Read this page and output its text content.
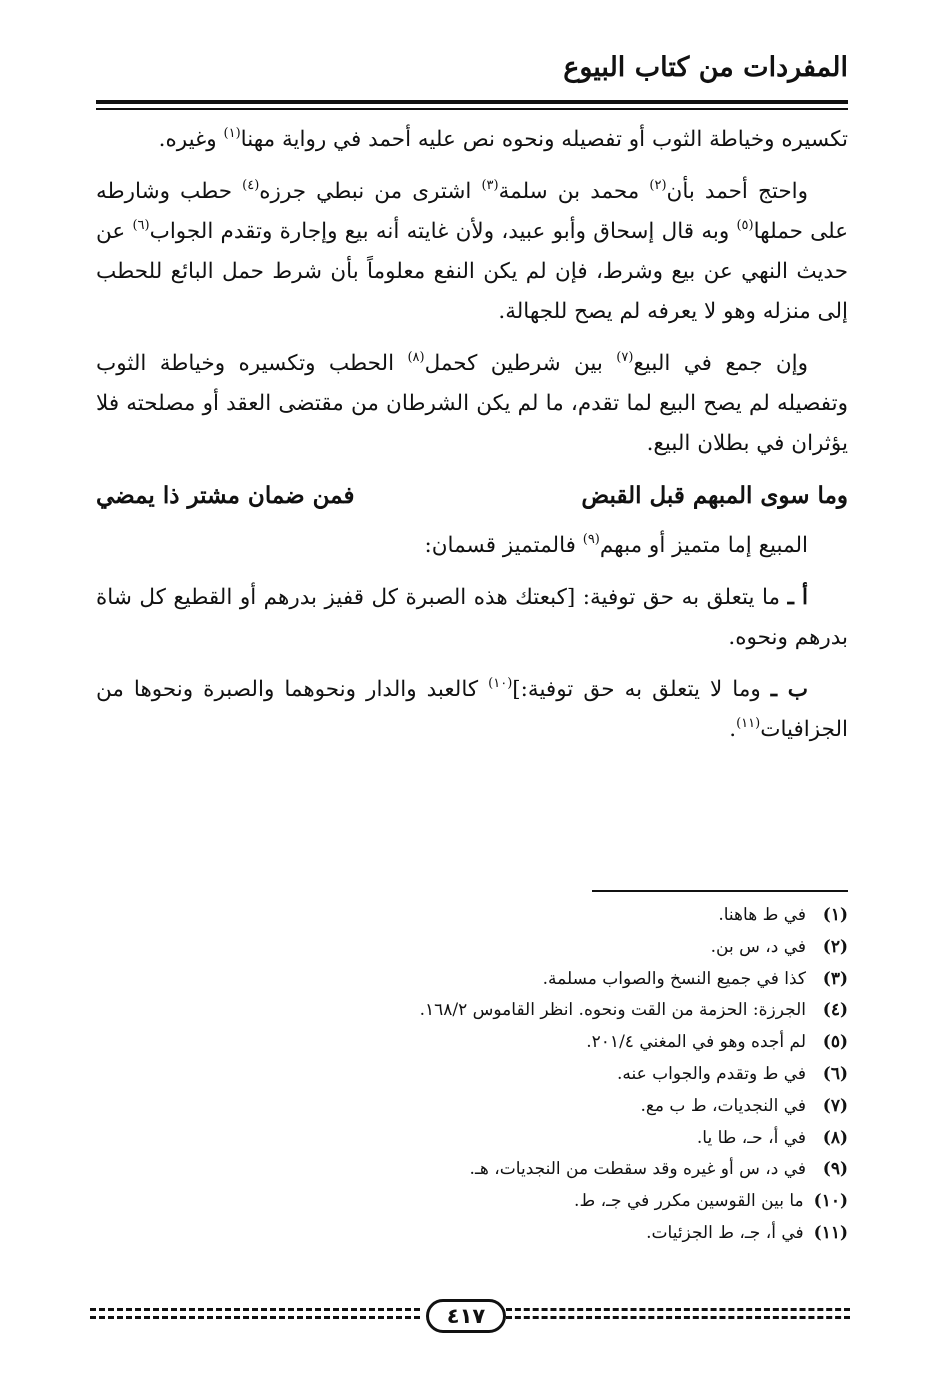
المفردات من كتاب البيوع

تكسيره وخياطة الثوب أو تفصيله ونحوه نص عليه أحمد في رواية مهنا$^{(١)}$ وغيره.

واحتج أحمد بأن$^{(٢)}$ محمد بن سلمة$^{(٣)}$ اشترى من نبطي جرزه$^{(٤)}$ حطب وشارطه على حملها$^{(٥)}$ وبه قال إسحاق وأبو عبيد، ولأن غايته أنه بيع وإجارة وتقدم الجواب$^{(٦)}$ عن حديث النهي عن بيع وشرط، فإن لم يكن النفع معلوماً بأن شرط حمل البائع للحطب إلى منزله وهو لا يعرفه لم يصح للجهالة.

وإن جمع في البيع$^{(٧)}$ بين شرطين كحمل$^{(٨)}$ الحطب وتكسيره وخياطة الثوب وتفصيله لم يصح البيع لما تقدم، ما لم يكن الشرطان من مقتضى العقد أو مصلحته فلا يؤثران في بطلان البيع.

وما سوى المبهم قبل القبض
فمن ضمان مشتر ذا يمضي

المبيع إما متميز أو مبهم$^{(٩)}$ فالمتميز قسمان:

أ ـ ما يتعلق به حق توفية: [كبعتك هذه الصبرة كل قفيز بدرهم أو القطيع كل شاة بدرهم ونحوه.

ب ـ وما لا يتعلق به حق توفية:]$^{(١٠)}$ كالعبد والدار ونحوهما والصبرة ونحوها من الجزافيات$^{(١١)}$.

(١)
في ط هاهنا.
(٢)
في د، س بن.
(٣)
كذا في جميع النسخ والصواب مسلمة.
(٤)
الجرزة: الحزمة من القت ونحوه. انظر القاموس ١٦٨/٢.
(٥)
لم أجده وهو في المغني ٢٠١/٤.
(٦)
في ط وتقدم والجواب عنه.
(٧)
في النجديات، ط ب مع.
(٨)
في أ، حـ، طا يا.
(٩)
في د، س أو غيره وقد سقطت من النجديات، هـ.
(١٠)
ما بين القوسين مكرر في جـ، ط.
(١١)
في أ، جـ، ط الجزئيات.
٤١٧
